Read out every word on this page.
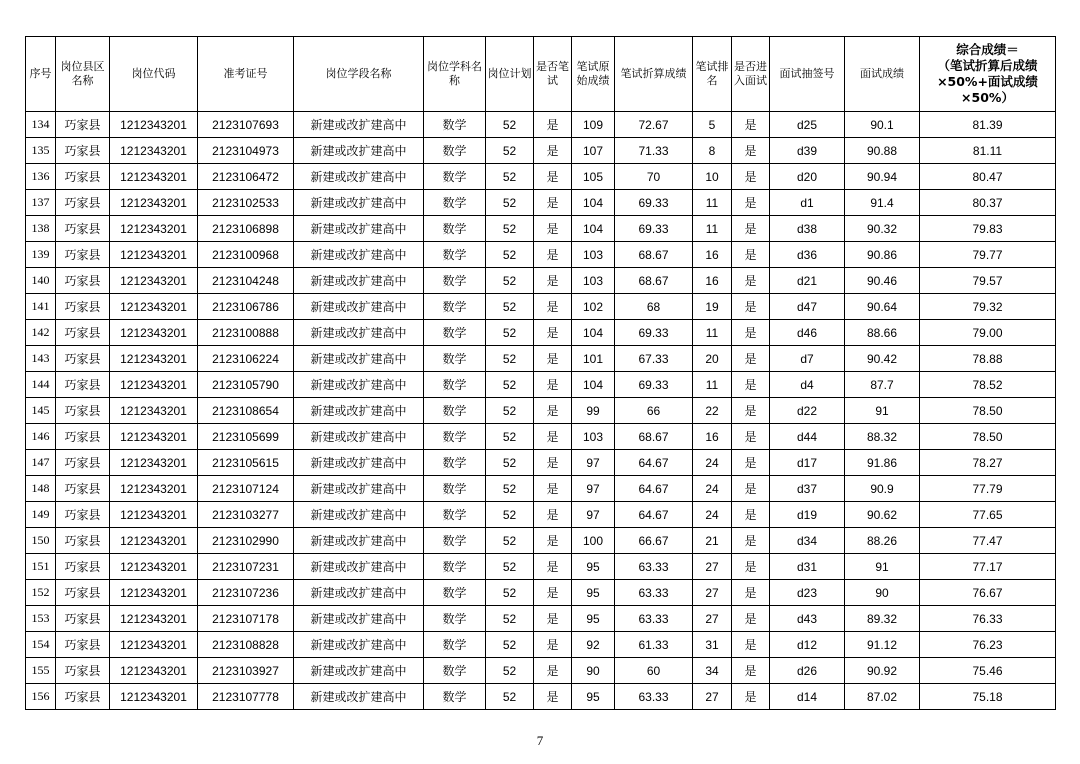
序号	岗位县区名称	岗位代码	准考证号	岗位学段名称	岗位学科名称	岗位计划	是否笔试	笔试原始成绩	笔试折算成绩	笔试排名	是否进入面试	面试抽签号	面试成绩	综合成绩＝
（笔试折算后成绩
×50%+面试成绩
×50%）

134	巧家县	1212343201	2123107693	新建或改扩建高中	数学	52	是	109	72.67	5	是	d25	90.1	81.39
135	巧家县	1212343201	2123104973	新建或改扩建高中	数学	52	是	107	71.33	8	是	d39	90.88	81.11
136	巧家县	1212343201	2123106472	新建或改扩建高中	数学	52	是	105	70	10	是	d20	90.94	80.47
137	巧家县	1212343201	2123102533	新建或改扩建高中	数学	52	是	104	69.33	11	是	d1	91.4	80.37
138	巧家县	1212343201	2123106898	新建或改扩建高中	数学	52	是	104	69.33	11	是	d38	90.32	79.83
139	巧家县	1212343201	2123100968	新建或改扩建高中	数学	52	是	103	68.67	16	是	d36	90.86	79.77
140	巧家县	1212343201	2123104248	新建或改扩建高中	数学	52	是	103	68.67	16	是	d21	90.46	79.57
141	巧家县	1212343201	2123106786	新建或改扩建高中	数学	52	是	102	68	19	是	d47	90.64	79.32
142	巧家县	1212343201	2123100888	新建或改扩建高中	数学	52	是	104	69.33	11	是	d46	88.66	79.00
143	巧家县	1212343201	2123106224	新建或改扩建高中	数学	52	是	101	67.33	20	是	d7	90.42	78.88
144	巧家县	1212343201	2123105790	新建或改扩建高中	数学	52	是	104	69.33	11	是	d4	87.7	78.52
145	巧家县	1212343201	2123108654	新建或改扩建高中	数学	52	是	99	66	22	是	d22	91	78.50
146	巧家县	1212343201	2123105699	新建或改扩建高中	数学	52	是	103	68.67	16	是	d44	88.32	78.50
147	巧家县	1212343201	2123105615	新建或改扩建高中	数学	52	是	97	64.67	24	是	d17	91.86	78.27
148	巧家县	1212343201	2123107124	新建或改扩建高中	数学	52	是	97	64.67	24	是	d37	90.9	77.79
149	巧家县	1212343201	2123103277	新建或改扩建高中	数学	52	是	97	64.67	24	是	d19	90.62	77.65
150	巧家县	1212343201	2123102990	新建或改扩建高中	数学	52	是	100	66.67	21	是	d34	88.26	77.47
151	巧家县	1212343201	2123107231	新建或改扩建高中	数学	52	是	95	63.33	27	是	d31	91	77.17
152	巧家县	1212343201	2123107236	新建或改扩建高中	数学	52	是	95	63.33	27	是	d23	90	76.67
153	巧家县	1212343201	2123107178	新建或改扩建高中	数学	52	是	95	63.33	27	是	d43	89.32	76.33
154	巧家县	1212343201	2123108828	新建或改扩建高中	数学	52	是	92	61.33	31	是	d12	91.12	76.23
155	巧家县	1212343201	2123103927	新建或改扩建高中	数学	52	是	90	60	34	是	d26	90.92	75.46
156	巧家县	1212343201	2123107778	新建或改扩建高中	数学	52	是	95	63.33	27	是	d14	87.02	75.18
7
